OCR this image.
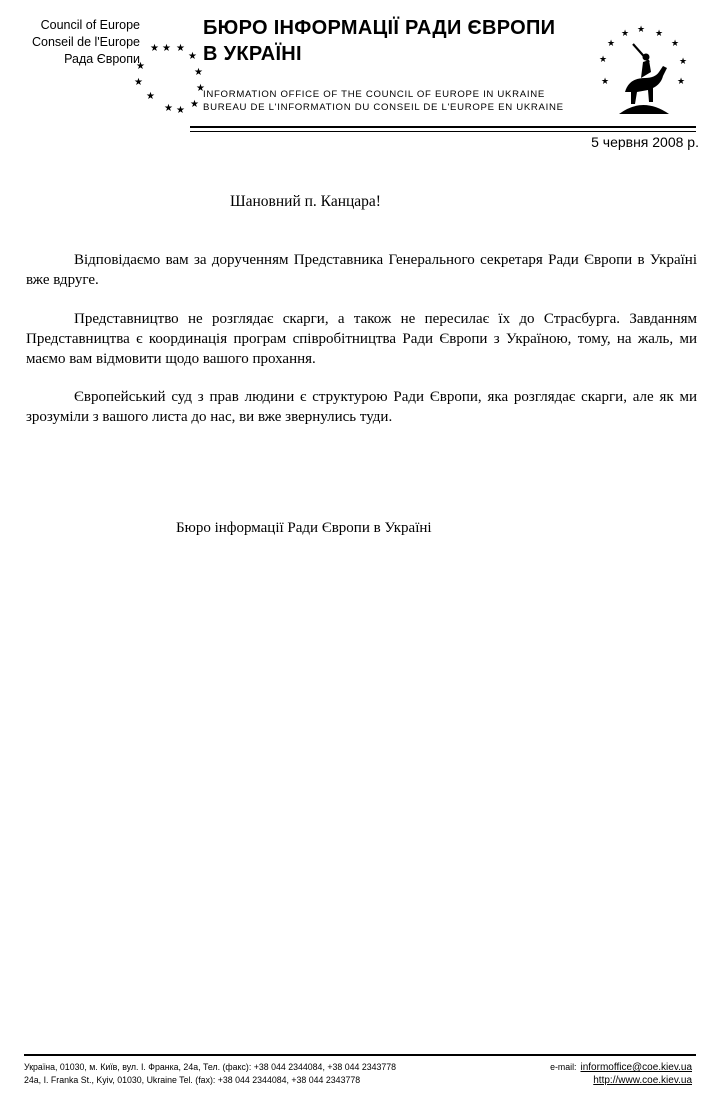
Council of Europe
Conseil de l'Europe
Рада Європи
★ ★ ★
★
★
★
★
★
★
★
★
★
БЮРО ІНФОРМАЦІЇ РАДИ ЄВРОПИ
В УКРАЇНІ
INFORMATION OFFICE OF THE COUNCIL OF EUROPE IN UKRAINE
BUREAU DE L'INFORMATION DU CONSEIL DE L'EUROPE EN UKRAINE
★ ★ ★
★
★
★
★
★
★
5 червня 2008 р.
Шановний п. Канцара!

Відповідаємо вам за дорученням Представника Генерального секретаря Ради Європи в Україні вже вдруге.

Представництво не розглядає скарги, а також не пересилає їх до Страсбурга. Завданням Представництва є координація програм співробітництва Ради Європи з Україною, тому, на жаль, ми маємо вам відмовити щодо вашого прохання.

Європейський суд з прав людини є структурою Ради Європи, яка розглядає скарги, але як ми зрозуміли з вашого листа до нас, ви вже звернулись туди.

Бюро інформації Ради Європи в Україні
Україна, 01030, м. Київ, вул. І. Франка, 24а, Тел. (факс): +38 044 2344084, +38 044 2343778	e-mail: informoffice@coe.kiev.ua
24a, I. Franka St., Kyiv, 01030, Ukraine Tel. (fax): +38 044 2344084, +38 044 2343778	http://www.coe.kiev.ua
